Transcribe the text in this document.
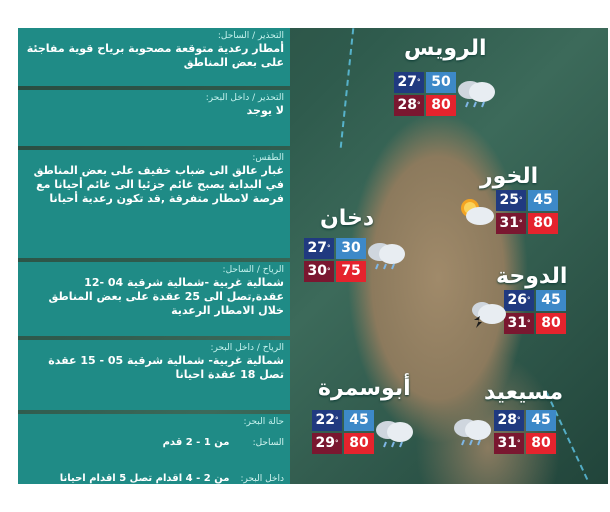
التحذير / الساحل:
أمطار رعدية متوقعة مصحوبة برياح قوية مفاجئة على بعض المناطق
التحذير / داخل البحر:
لا يوجد
الطقس:
غبار عالق الى ضباب خفيف على بعض المناطق في البداية يصبح غائم جزئيا الى غائم أحيانا مع فرصة لامطار متفرقة ,قد تكون رعدية أحيانا
الرياح / الساحل:
شمالية غربية -شمالية شرقية 04 -12 عقدة,تصل الى 25 عقدة على بعض المناطق خلال الامطار الرعدية
الرياح / داخل البحر:
شمالية غربية- شمالية شرقية 05 - 15 عقدة تصل 18 عقدة احيانا
حالة البحر:
الساحل: من 1 - 2 قدم
داخل البحر: من 2 - 4 اقدام تصل 5 اقدام احيانا
الرويس
الخور
دخان
الدوحة
أبوسمرة	مسيعيد
27° 50
28° 80
25° 45
31° 80
27° 30
30° 75
26° 45
31° 80
22° 45
29° 80
28° 45
31° 80
